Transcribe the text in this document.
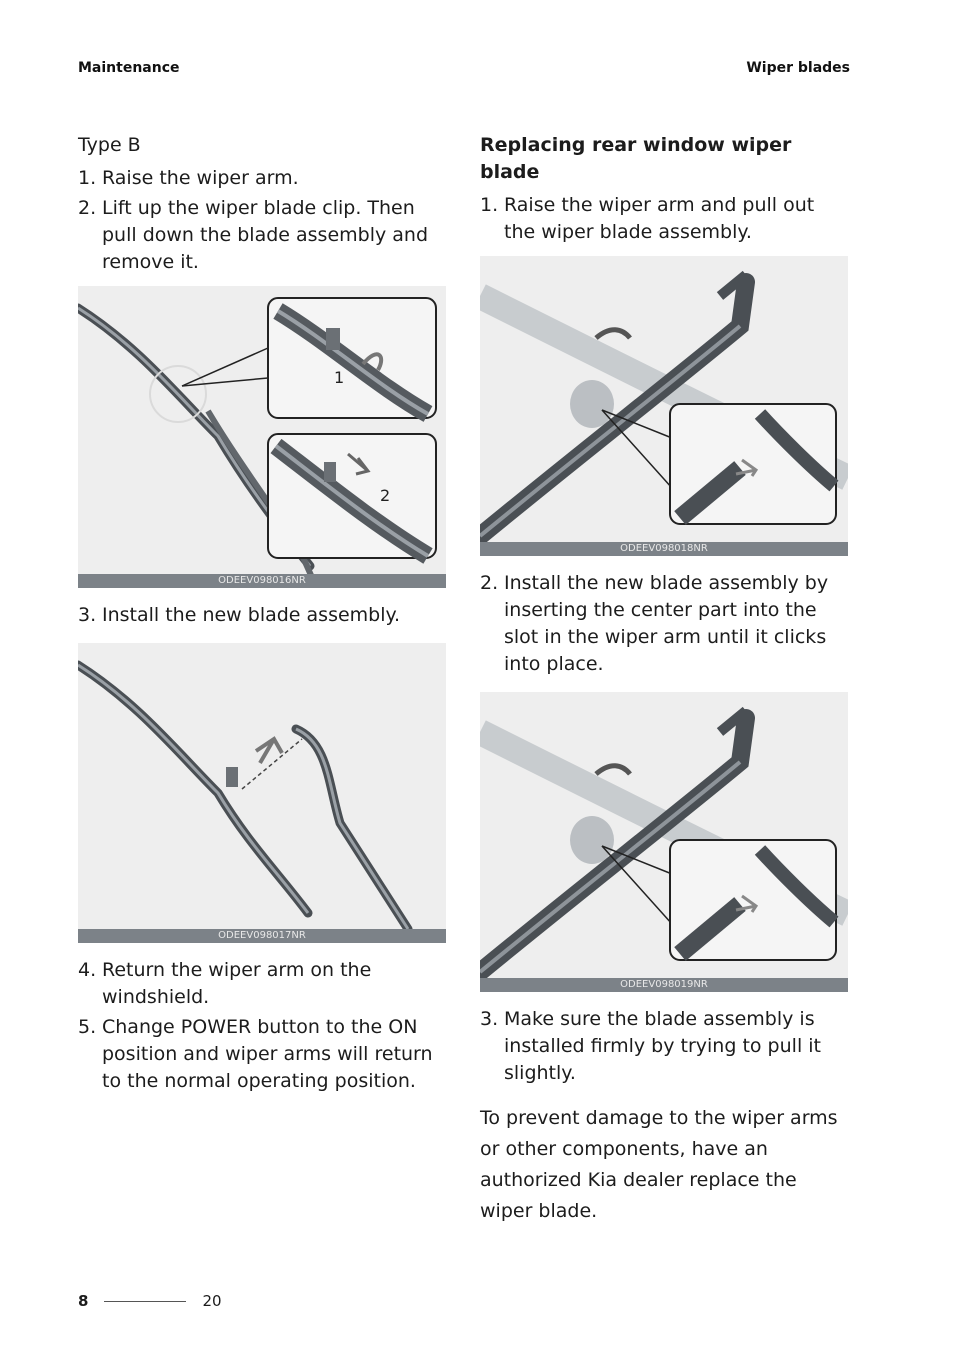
Maintenance	Wiper blades
Type B
1. Raise the wiper arm.
2. Lift up the wiper blade clip. Then pull down the blade assembly and remove it.
1
2
ODEEV098016NR
3. Install the new blade assembly.
ODEEV098017NR
4. Return the wiper arm on the windshield.
5. Change POWER button to the ON position and wiper arms will return to the normal operating position.
Replacing rear window wiper blade
1. Raise the wiper arm and pull out the wiper blade assembly.
ODEEV098018NR
2. Install the new blade assembly by inserting the center part into the slot in the wiper arm until it clicks into place.
ODEEV098019NR
3. Make sure the blade assembly is installed firmly by trying to pull it slightly.
To prevent damage to the wiper arms or other components, have an authorized Kia dealer replace the wiper blade.
8	20
